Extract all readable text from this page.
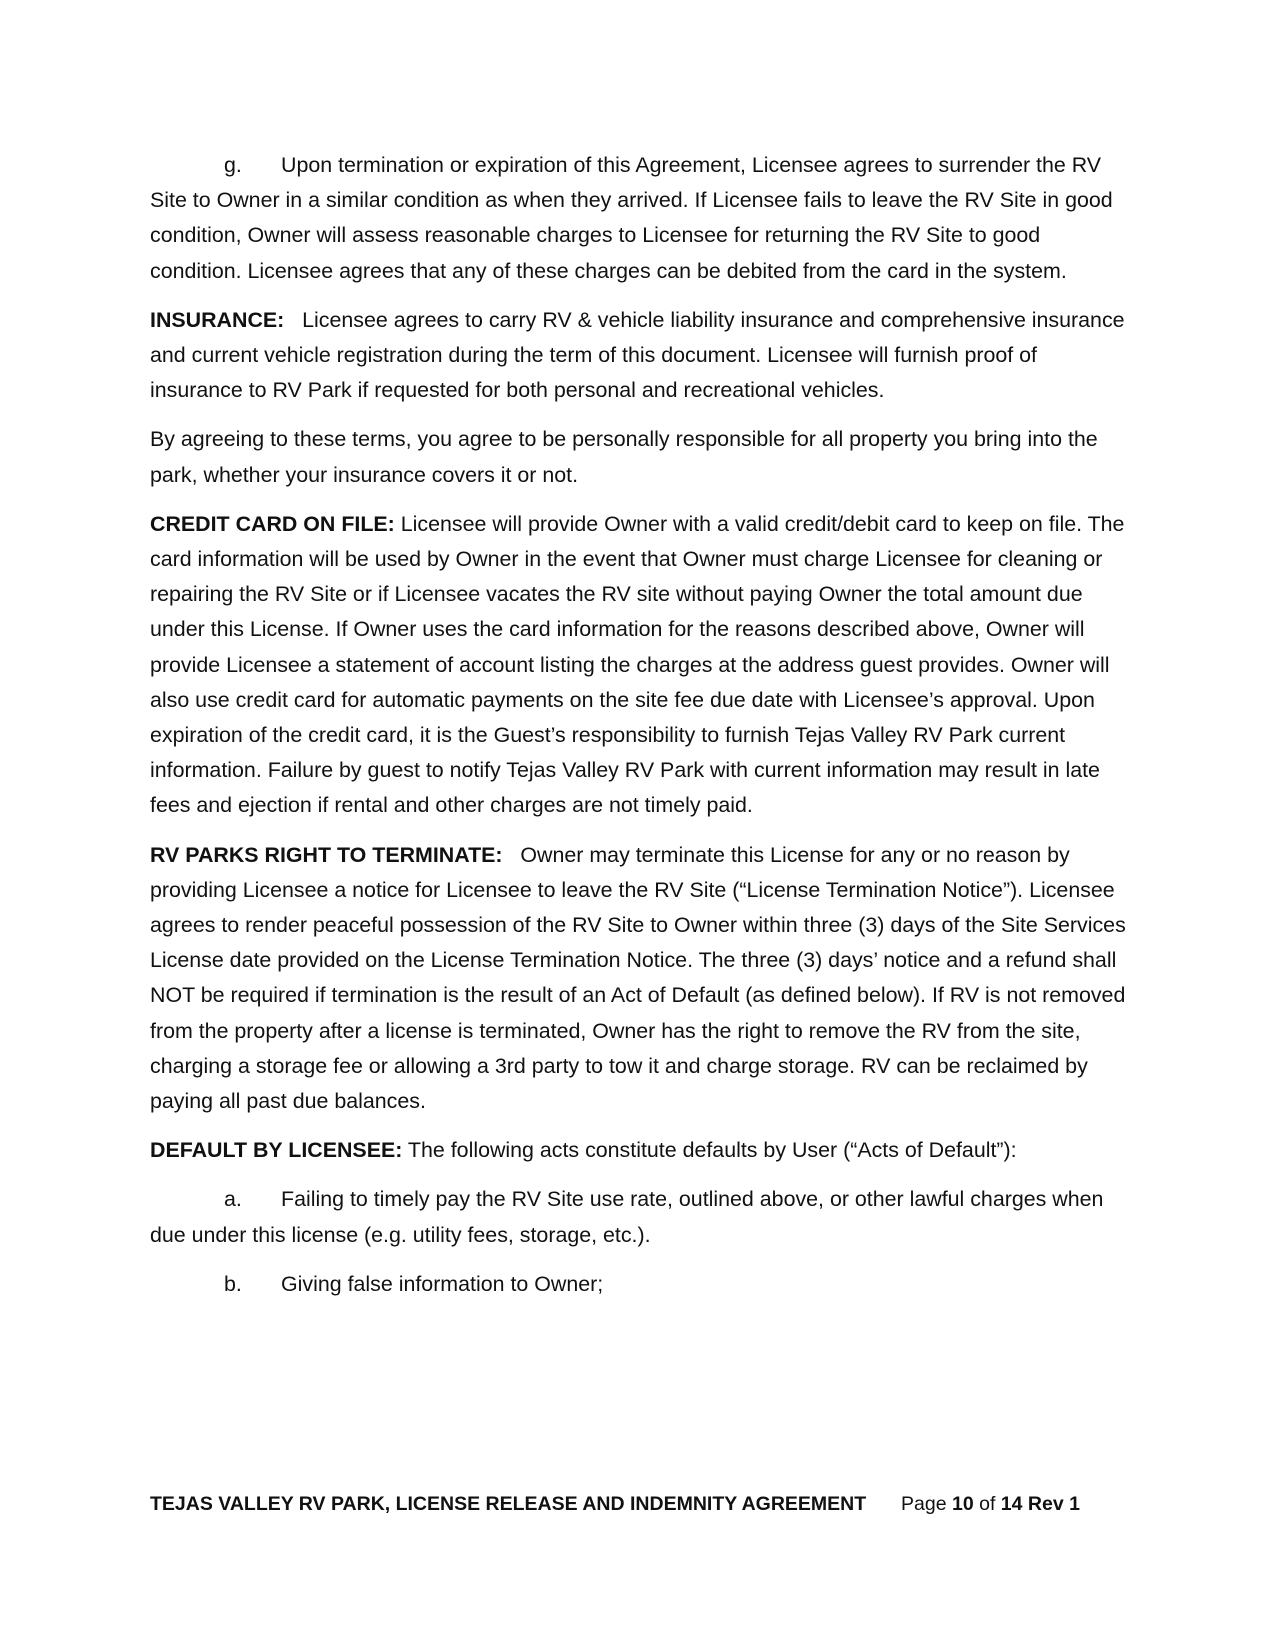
g. Upon termination or expiration of this Agreement, Licensee agrees to surrender the RV Site to Owner in a similar condition as when they arrived. If Licensee fails to leave the RV Site in good condition, Owner will assess reasonable charges to Licensee for returning the RV Site to good condition. Licensee agrees that any of these charges can be debited from the card in the system.

INSURANCE: Licensee agrees to carry RV & vehicle liability insurance and comprehensive insurance and current vehicle registration during the term of this document. Licensee will furnish proof of insurance to RV Park if requested for both personal and recreational vehicles.

By agreeing to these terms, you agree to be personally responsible for all property you bring into the park, whether your insurance covers it or not.

CREDIT CARD ON FILE: Licensee will provide Owner with a valid credit/debit card to keep on file. The card information will be used by Owner in the event that Owner must charge Licensee for cleaning or repairing the RV Site or if Licensee vacates the RV site without paying Owner the total amount due under this License. If Owner uses the card information for the reasons described above, Owner will provide Licensee a statement of account listing the charges at the address guest provides. Owner will also use credit card for automatic payments on the site fee due date with Licensee’s approval. Upon expiration of the credit card, it is the Guest’s responsibility to furnish Tejas Valley RV Park current information. Failure by guest to notify Tejas Valley RV Park with current information may result in late fees and ejection if rental and other charges are not timely paid.

RV PARKS RIGHT TO TERMINATE: Owner may terminate this License for any or no reason by providing Licensee a notice for Licensee to leave the RV Site (“License Termination Notice”). Licensee agrees to render peaceful possession of the RV Site to Owner within three (3) days of the Site Services License date provided on the License Termination Notice. The three (3) days’ notice and a refund shall NOT be required if termination is the result of an Act of Default (as defined below). If RV is not removed from the property after a license is terminated, Owner has the right to remove the RV from the site, charging a storage fee or allowing a 3rd party to tow it and charge storage. RV can be reclaimed by paying all past due balances.

DEFAULT BY LICENSEE: The following acts constitute defaults by User (“Acts of Default”):

a. Failing to timely pay the RV Site use rate, outlined above, or other lawful charges when due under this license (e.g. utility fees, storage, etc.).

b. Giving false information to Owner;

TEJAS VALLEY RV PARK, LICENSE RELEASE AND INDEMNITY AGREEMENT Page 10 of 14 Rev 1
